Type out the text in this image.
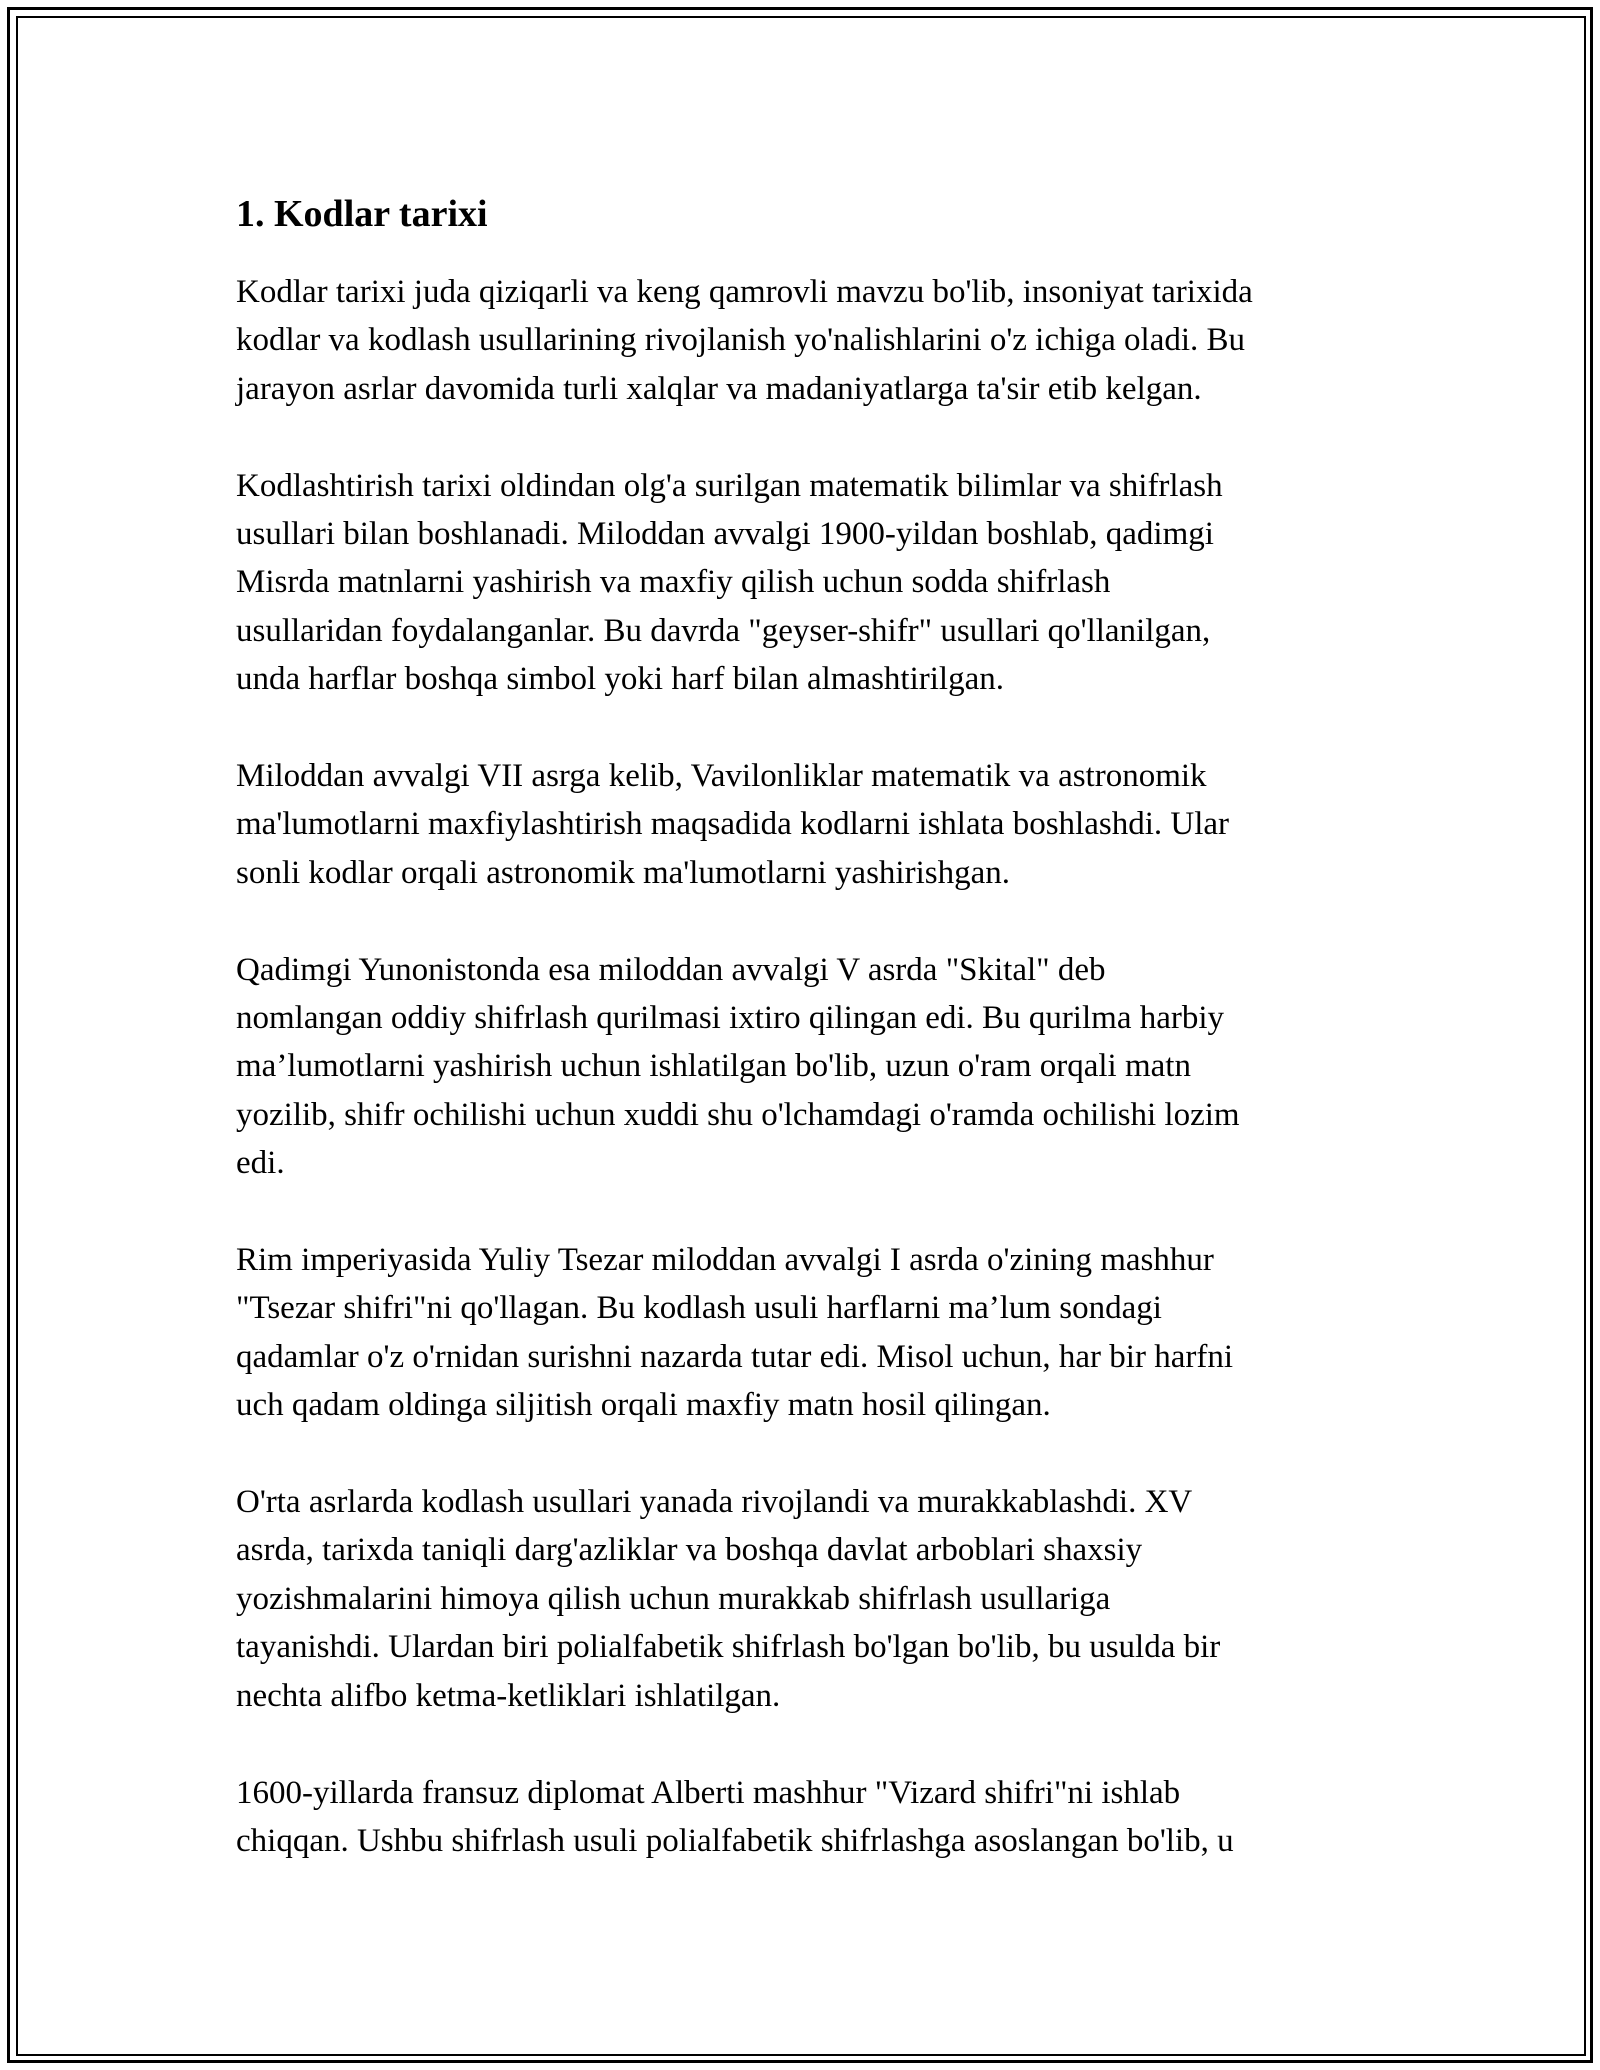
1. Kodlar tarixi

Kodlar tarixi juda qiziqarli va keng qamrovli mavzu bo'lib, insoniyat tarixida
kodlar va kodlash usullarining rivojlanish yo'nalishlarini o'z ichiga oladi. Bu
jarayon asrlar davomida turli xalqlar va madaniyatlarga ta'sir etib kelgan.

Kodlashtirish tarixi oldindan olg'a surilgan matematik bilimlar va shifrlash
usullari bilan boshlanadi. Miloddan avvalgi 1900-yildan boshlab, qadimgi
Misrda matnlarni yashirish va maxfiy qilish uchun sodda shifrlash
usullaridan foydalanganlar. Bu davrda "geyser-shifr" usullari qo'llanilgan,
unda harflar boshqa simbol yoki harf bilan almashtirilgan.

Miloddan avvalgi VII asrga kelib, Vavilonliklar matematik va astronomik
ma'lumotlarni maxfiylashtirish maqsadida kodlarni ishlata boshlashdi. Ular
sonli kodlar orqali astronomik ma'lumotlarni yashirishgan.

Qadimgi Yunonistonda esa miloddan avvalgi V asrda "Skital" deb
nomlangan oddiy shifrlash qurilmasi ixtiro qilingan edi. Bu qurilma harbiy
ma’lumotlarni yashirish uchun ishlatilgan bo'lib, uzun o'ram orqali matn
yozilib, shifr ochilishi uchun xuddi shu o'lchamdagi o'ramda ochilishi lozim
edi.

Rim imperiyasida Yuliy Tsezar miloddan avvalgi I asrda o'zining mashhur
"Tsezar shifri"ni qo'llagan. Bu kodlash usuli harflarni ma’lum sondagi
qadamlar o'z o'rnidan surishni nazarda tutar edi. Misol uchun, har bir harfni
uch qadam oldinga siljitish orqali maxfiy matn hosil qilingan.

O'rta asrlarda kodlash usullari yanada rivojlandi va murakkablashdi. XV
asrda, tarixda taniqli darg'azliklar va boshqa davlat arboblari shaxsiy
yozishmalarini himoya qilish uchun murakkab shifrlash usullariga
tayanishdi. Ulardan biri polialfabetik shifrlash bo'lgan bo'lib, bu usulda bir
nechta alifbo ketma-ketliklari ishlatilgan.

1600-yillarda fransuz diplomat Alberti mashhur "Vizard shifri"ni ishlab
chiqqan. Ushbu shifrlash usuli polialfabetik shifrlashga asoslangan bo'lib, u
